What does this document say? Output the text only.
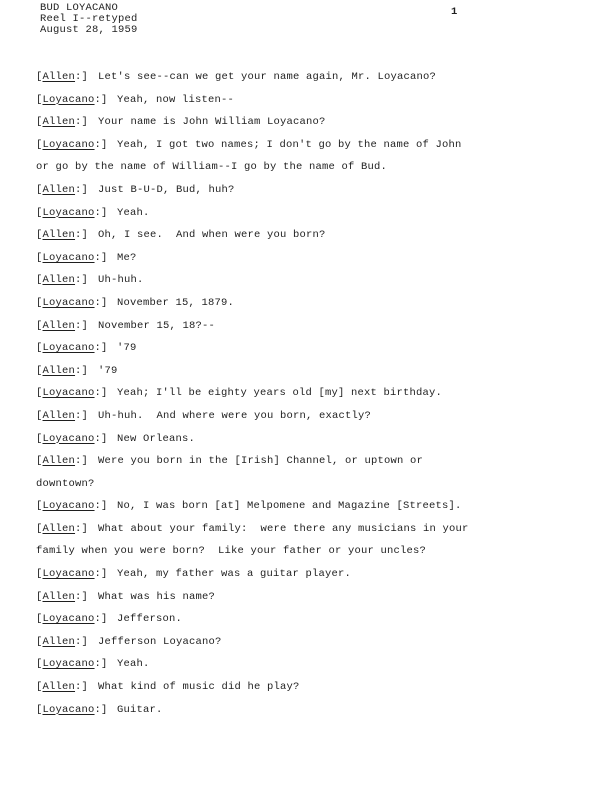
BUD LOYACANO
Reel I--retyped
August 28, 1959
1
[Allen:] Let's see--can we get your name again, Mr. Loyacano?
[Loyacano:] Yeah, now listen--
[Allen:] Your name is John William Loyacano?
[Loyacano:] Yeah, I got two names; I don't go by the name of John
or go by the name of William--I go by the name of Bud.
[Allen:] Just B-U-D, Bud, huh?
[Loyacano:] Yeah.
[Allen:] Oh, I see.  And when were you born?
[Loyacano:] Me?
[Allen:] Uh-huh.
[Loyacano:] November 15, 1879.
[Allen:] November 15, 18?--
[Loyacano:] '79
[Allen:] '79
[Loyacano:] Yeah; I'll be eighty years old [my] next birthday.
[Allen:] Uh-huh.  And where were you born, exactly?
[Loyacano:] New Orleans.
[Allen:] Were you born in the [Irish] Channel, or uptown or
downtown?
[Loyacano:] No, I was born [at] Melpomene and Magazine [Streets].
[Allen:] What about your family:  were there any musicians in your
family when you were born?  Like your father or your uncles?
[Loyacano:] Yeah, my father was a guitar player.
[Allen:] What was his name?
[Loyacano:] Jefferson.
[Allen:] Jefferson Loyacano?
[Loyacano:] Yeah.
[Allen:] What kind of music did he play?
[Loyacano:] Guitar.
